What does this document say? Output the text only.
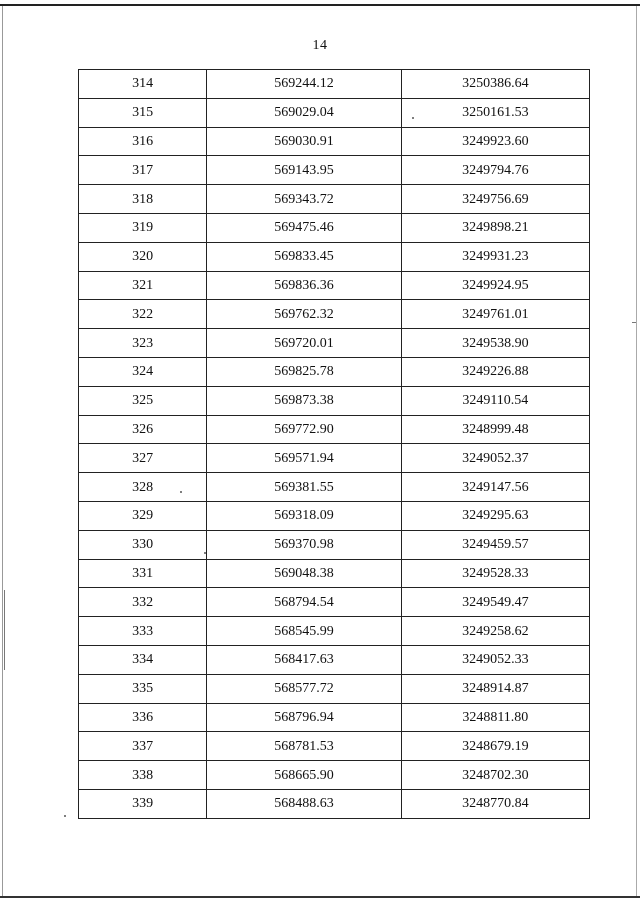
14
314	569244.12	3250386.64
315	569029.04	3250161.53
316	569030.91	3249923.60
317	569143.95	3249794.76
318	569343.72	3249756.69
319	569475.46	3249898.21
320	569833.45	3249931.23
321	569836.36	3249924.95
322	569762.32	3249761.01
323	569720.01	3249538.90
324	569825.78	3249226.88
325	569873.38	3249110.54
326	569772.90	3248999.48
327	569571.94	3249052.37
328	569381.55	3249147.56
329	569318.09	3249295.63
330	569370.98	3249459.57
331	569048.38	3249528.33
332	568794.54	3249549.47
333	568545.99	3249258.62
334	568417.63	3249052.33
335	568577.72	3248914.87
336	568796.94	3248811.80
337	568781.53	3248679.19
338	568665.90	3248702.30
339	568488.63	3248770.84
